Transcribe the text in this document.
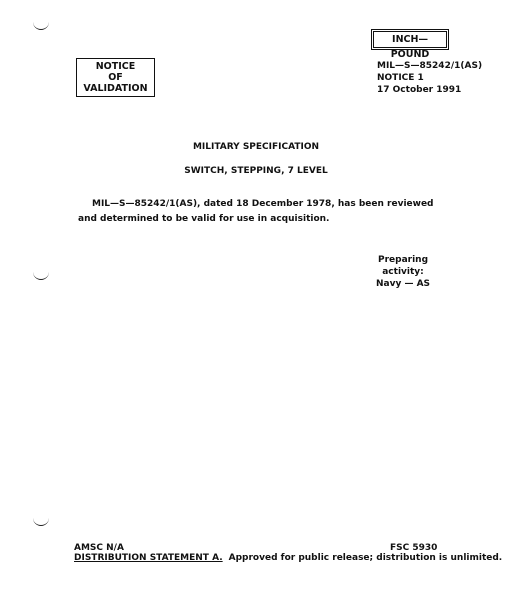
NOTICE
OF VALIDATION
INCH—POUND
MIL—S—85242/1(AS)
NOTICE 1
17 October 1991
MILITARY SPECIFICATION
SWITCH, STEPPING, 7 LEVEL
MIL—S—85242/1(AS), dated 18 December 1978, has been reviewed and determined to be valid for use in acquisition.
Preparing activity:
Navy — AS
AMSC N/A	FSC 5930
DISTRIBUTION STATEMENT A. Approved for public release; distribution is unlimited.
